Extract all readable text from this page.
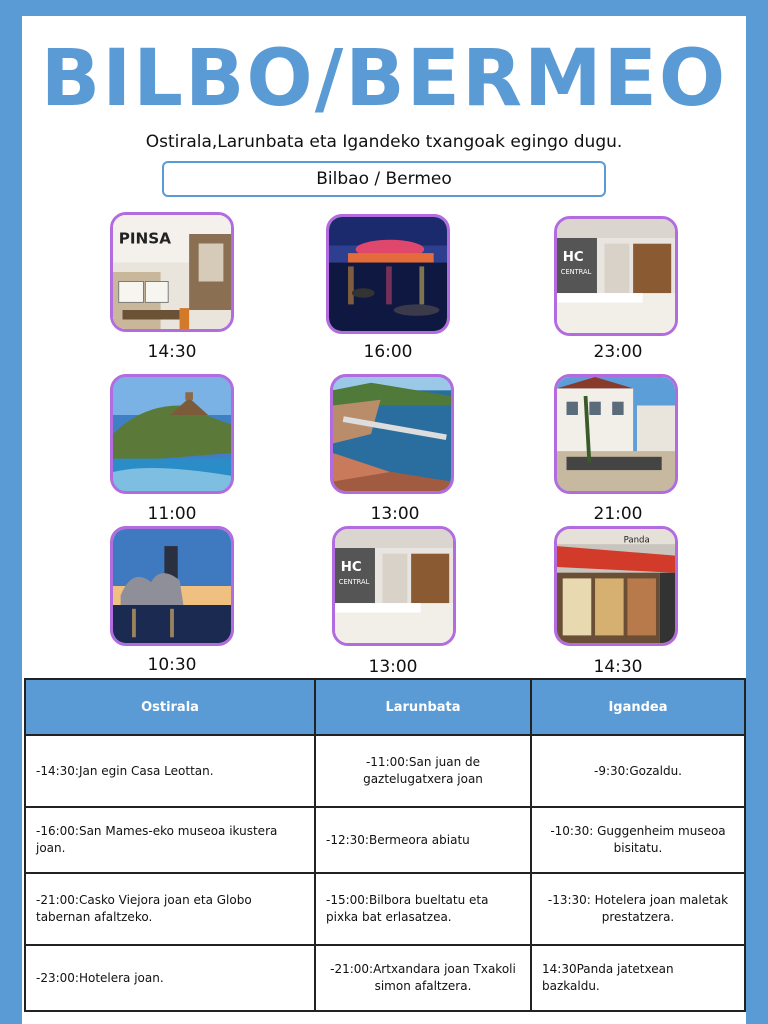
BILBO/BERMEO
Ostirala,Larunbata eta Igandeko txangoak egingo dugu.
Bilbao / Bermeo
PINSA
HC
CENTRAL
14:30	16:00	23:00
11:00	13:00	21:00
HC
CENTRAL
Panda
10:30	13:00	14:30
Ostirala	Larunbata	Igandea
-14:30:Jan egin Casa Leottan.	-11:00:San juan de gaztelugatxera joan	-9:30:Gozaldu.
-16:00:San Mames-eko museoa ikustera joan.	-12:30:Bermeora abiatu	-10:30: Guggenheim museoa bisitatu.
-21:00:Casko Viejora joan eta Globo tabernan afaltzeko.	-15:00:Bilbora bueltatu eta pixka bat erlasatzea.	-13:30: Hotelera joan maletak prestatzera.
-23:00:Hotelera joan.	-21:00:Artxandara joan Txakoli simon afaltzera.	14:30Panda jatetxean bazkaldu.
